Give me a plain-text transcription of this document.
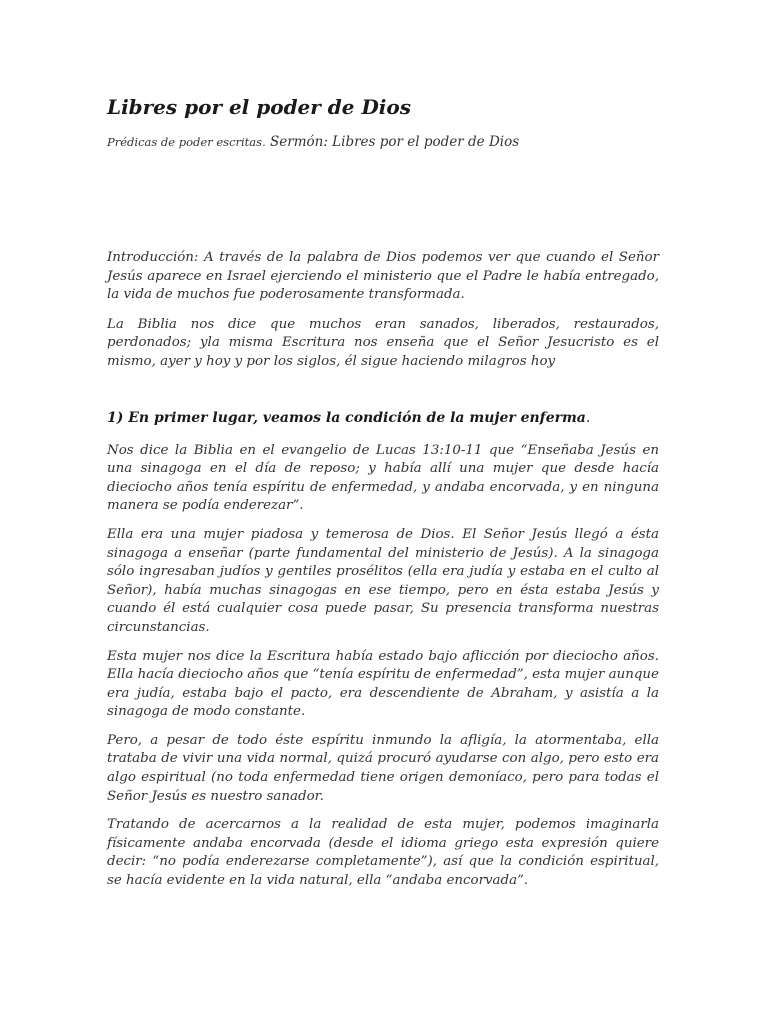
Libres por el poder de Dios

Prédicas de poder escritas. Sermón: Libres por el poder de Dios

Introducción: A través de la palabra de Dios podemos ver que cuando el Señor Jesús aparece en Israel ejerciendo el ministerio que el Padre le había entregado, la vida de muchos fue poderosamente transformada.

La Biblia nos dice que muchos eran sanados, liberados, restaurados, perdonados; yla misma Escritura nos enseña que el Señor Jesucristo es el mismo, ayer y hoy y por los siglos, él sigue haciendo milagros hoy

1) En primer lugar, veamos la condición de la mujer enferma.

Nos dice la Biblia en el evangelio de Lucas 13:10-11 que “Enseñaba Jesús en una sinagoga en el día de reposo; y había allí una mujer que desde hacía dieciocho años tenía espíritu de enfermedad, y andaba encorvada, y en ninguna manera se podía enderezar”.

Ella era una mujer piadosa y temerosa de Dios. El Señor Jesús llegó a ésta sinagoga a enseñar (parte fundamental del ministerio de Jesús). A la sinagoga sólo ingresaban judíos y gentiles prosélitos (ella era judía y estaba en el culto al Señor), había muchas sinagogas en ese tiempo, pero en ésta estaba Jesús y cuando él está cualquier cosa puede pasar, Su presencia transforma nuestras circunstancias.

Esta mujer nos dice la Escritura había estado bajo aflicción por dieciocho años. Ella hacía dieciocho años que “tenía espíritu de enfermedad”, esta mujer aunque era judía, estaba bajo el pacto, era descendiente de Abraham, y asistía a la sinagoga de modo constante.

Pero, a pesar de todo éste espíritu inmundo la afligía, la atormentaba, ella trataba de vivir una vida normal, quizá procuró ayudarse con algo, pero esto era algo espiritual (no toda enfermedad tiene origen demoníaco, pero para todas el Señor Jesús es nuestro sanador.

Tratando de acercarnos a la realidad de esta mujer, podemos imaginarla físicamente andaba encorvada (desde el idioma griego esta expresión quiere decir: “no podía enderezarse completamente”), así que la condición espiritual, se hacía evidente en la vida natural, ella “andaba encorvada”.
